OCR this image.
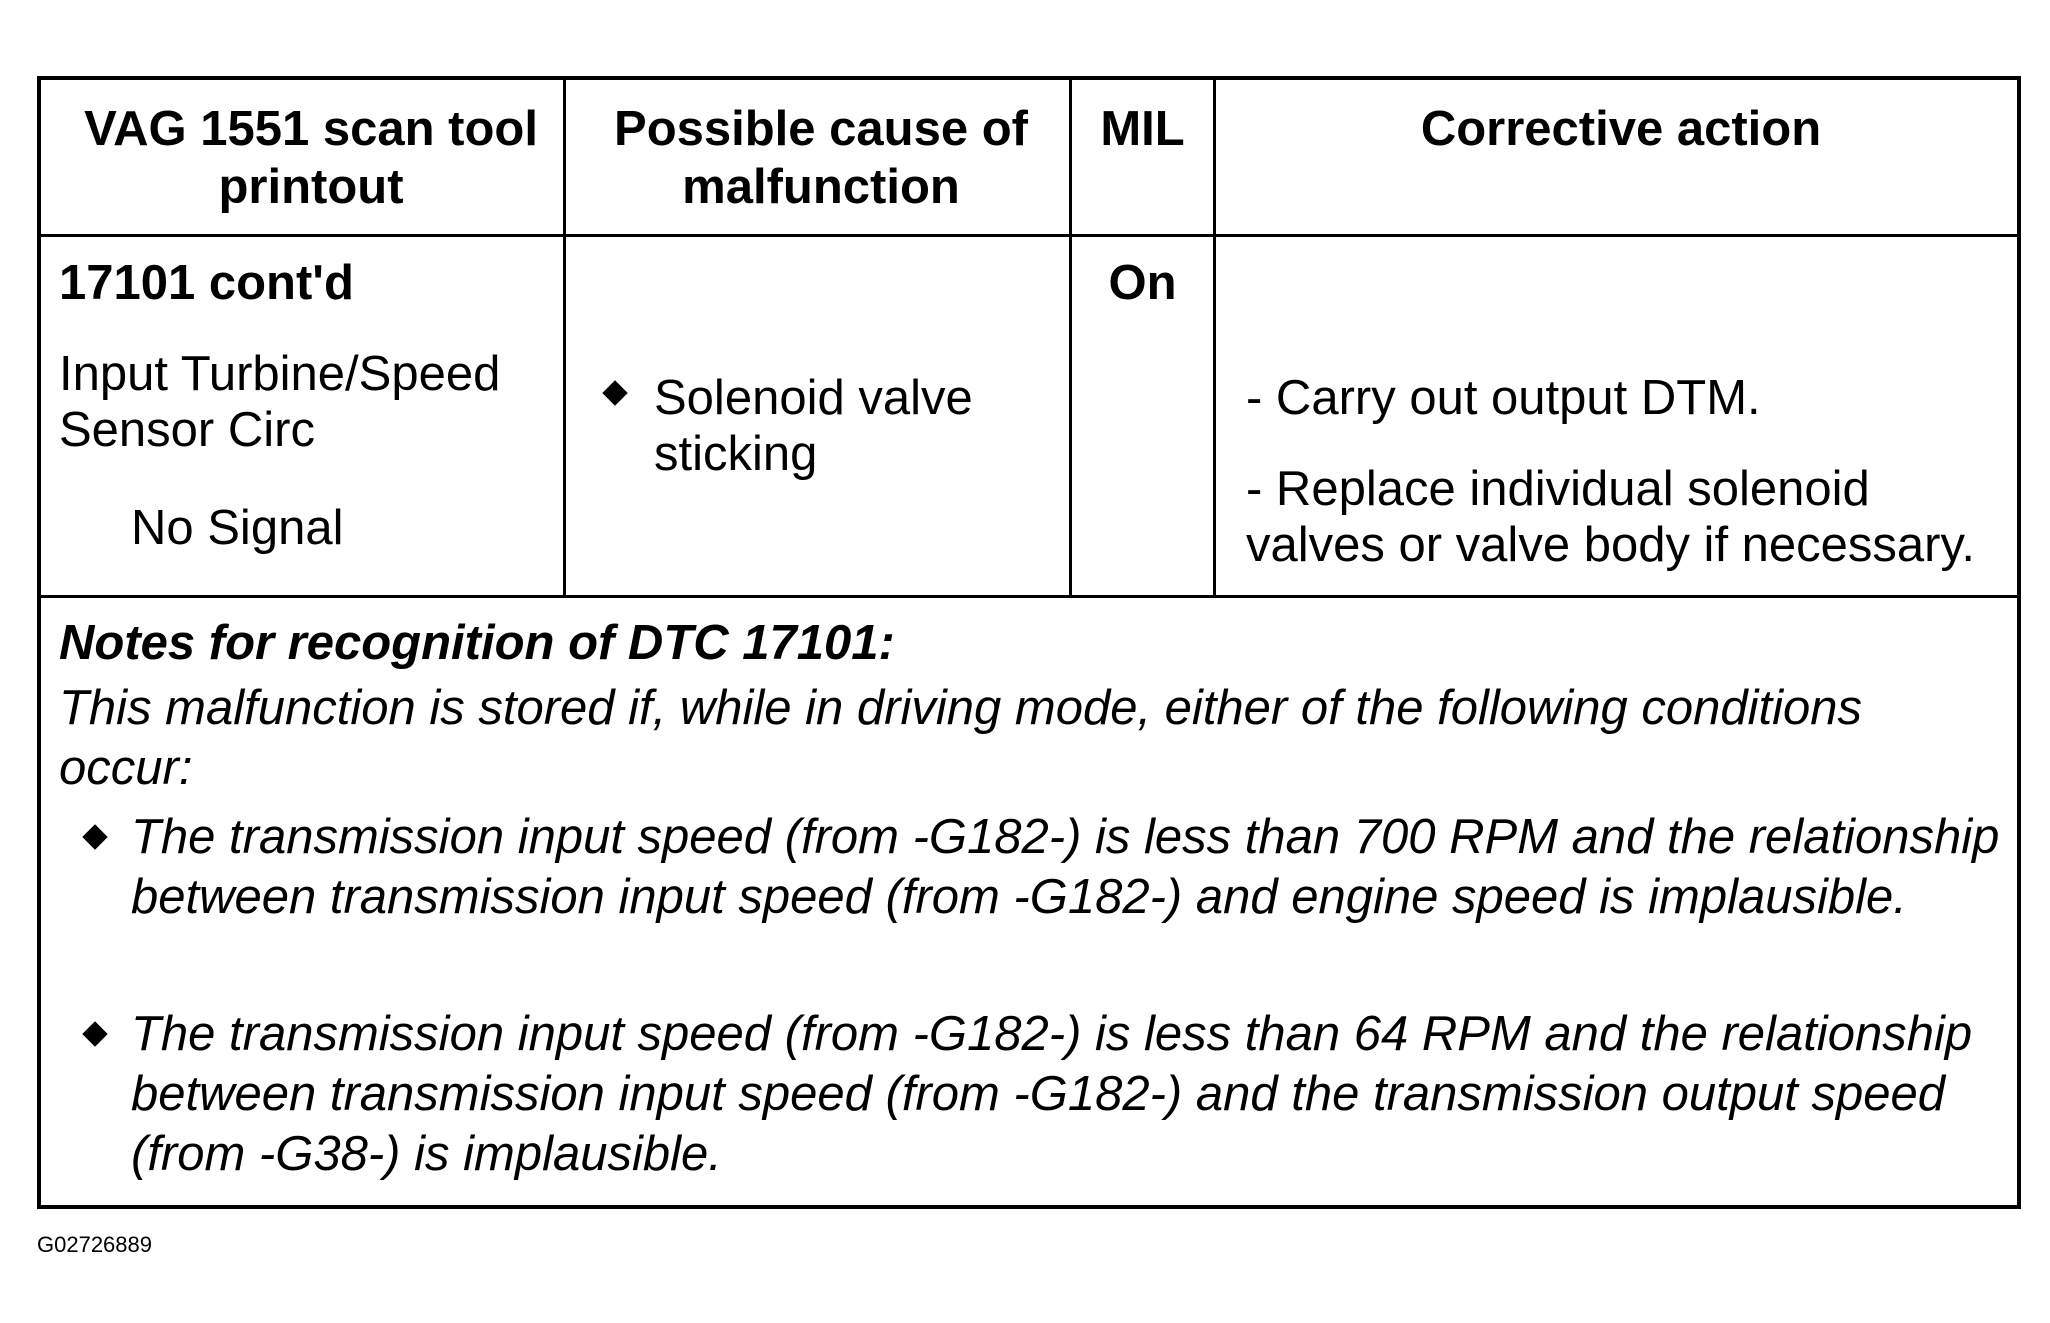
VAG 1551 scan tool printout
Possible cause of malfunction
MIL	Corrective action
17101 cont'd
Input Turbine/Speed Sensor Circ
No Signal
Solenoid valve sticking
On
- Carry out output DTM.
- Replace individual solenoid valves or valve body if necessary.
Notes for recognition of DTC 17101:
This malfunction is stored if, while in driving mode, either of the following conditions occur:
The transmission input speed (from -G182-) is less than 700 RPM and the relationship between transmission input speed (from -G182-) and engine speed is implausible.
The transmission input speed (from -G182-) is less than 64 RPM and the relationship between transmission input speed (from -G182-) and the transmission output speed (from -G38-) is implausible.
G02726889
